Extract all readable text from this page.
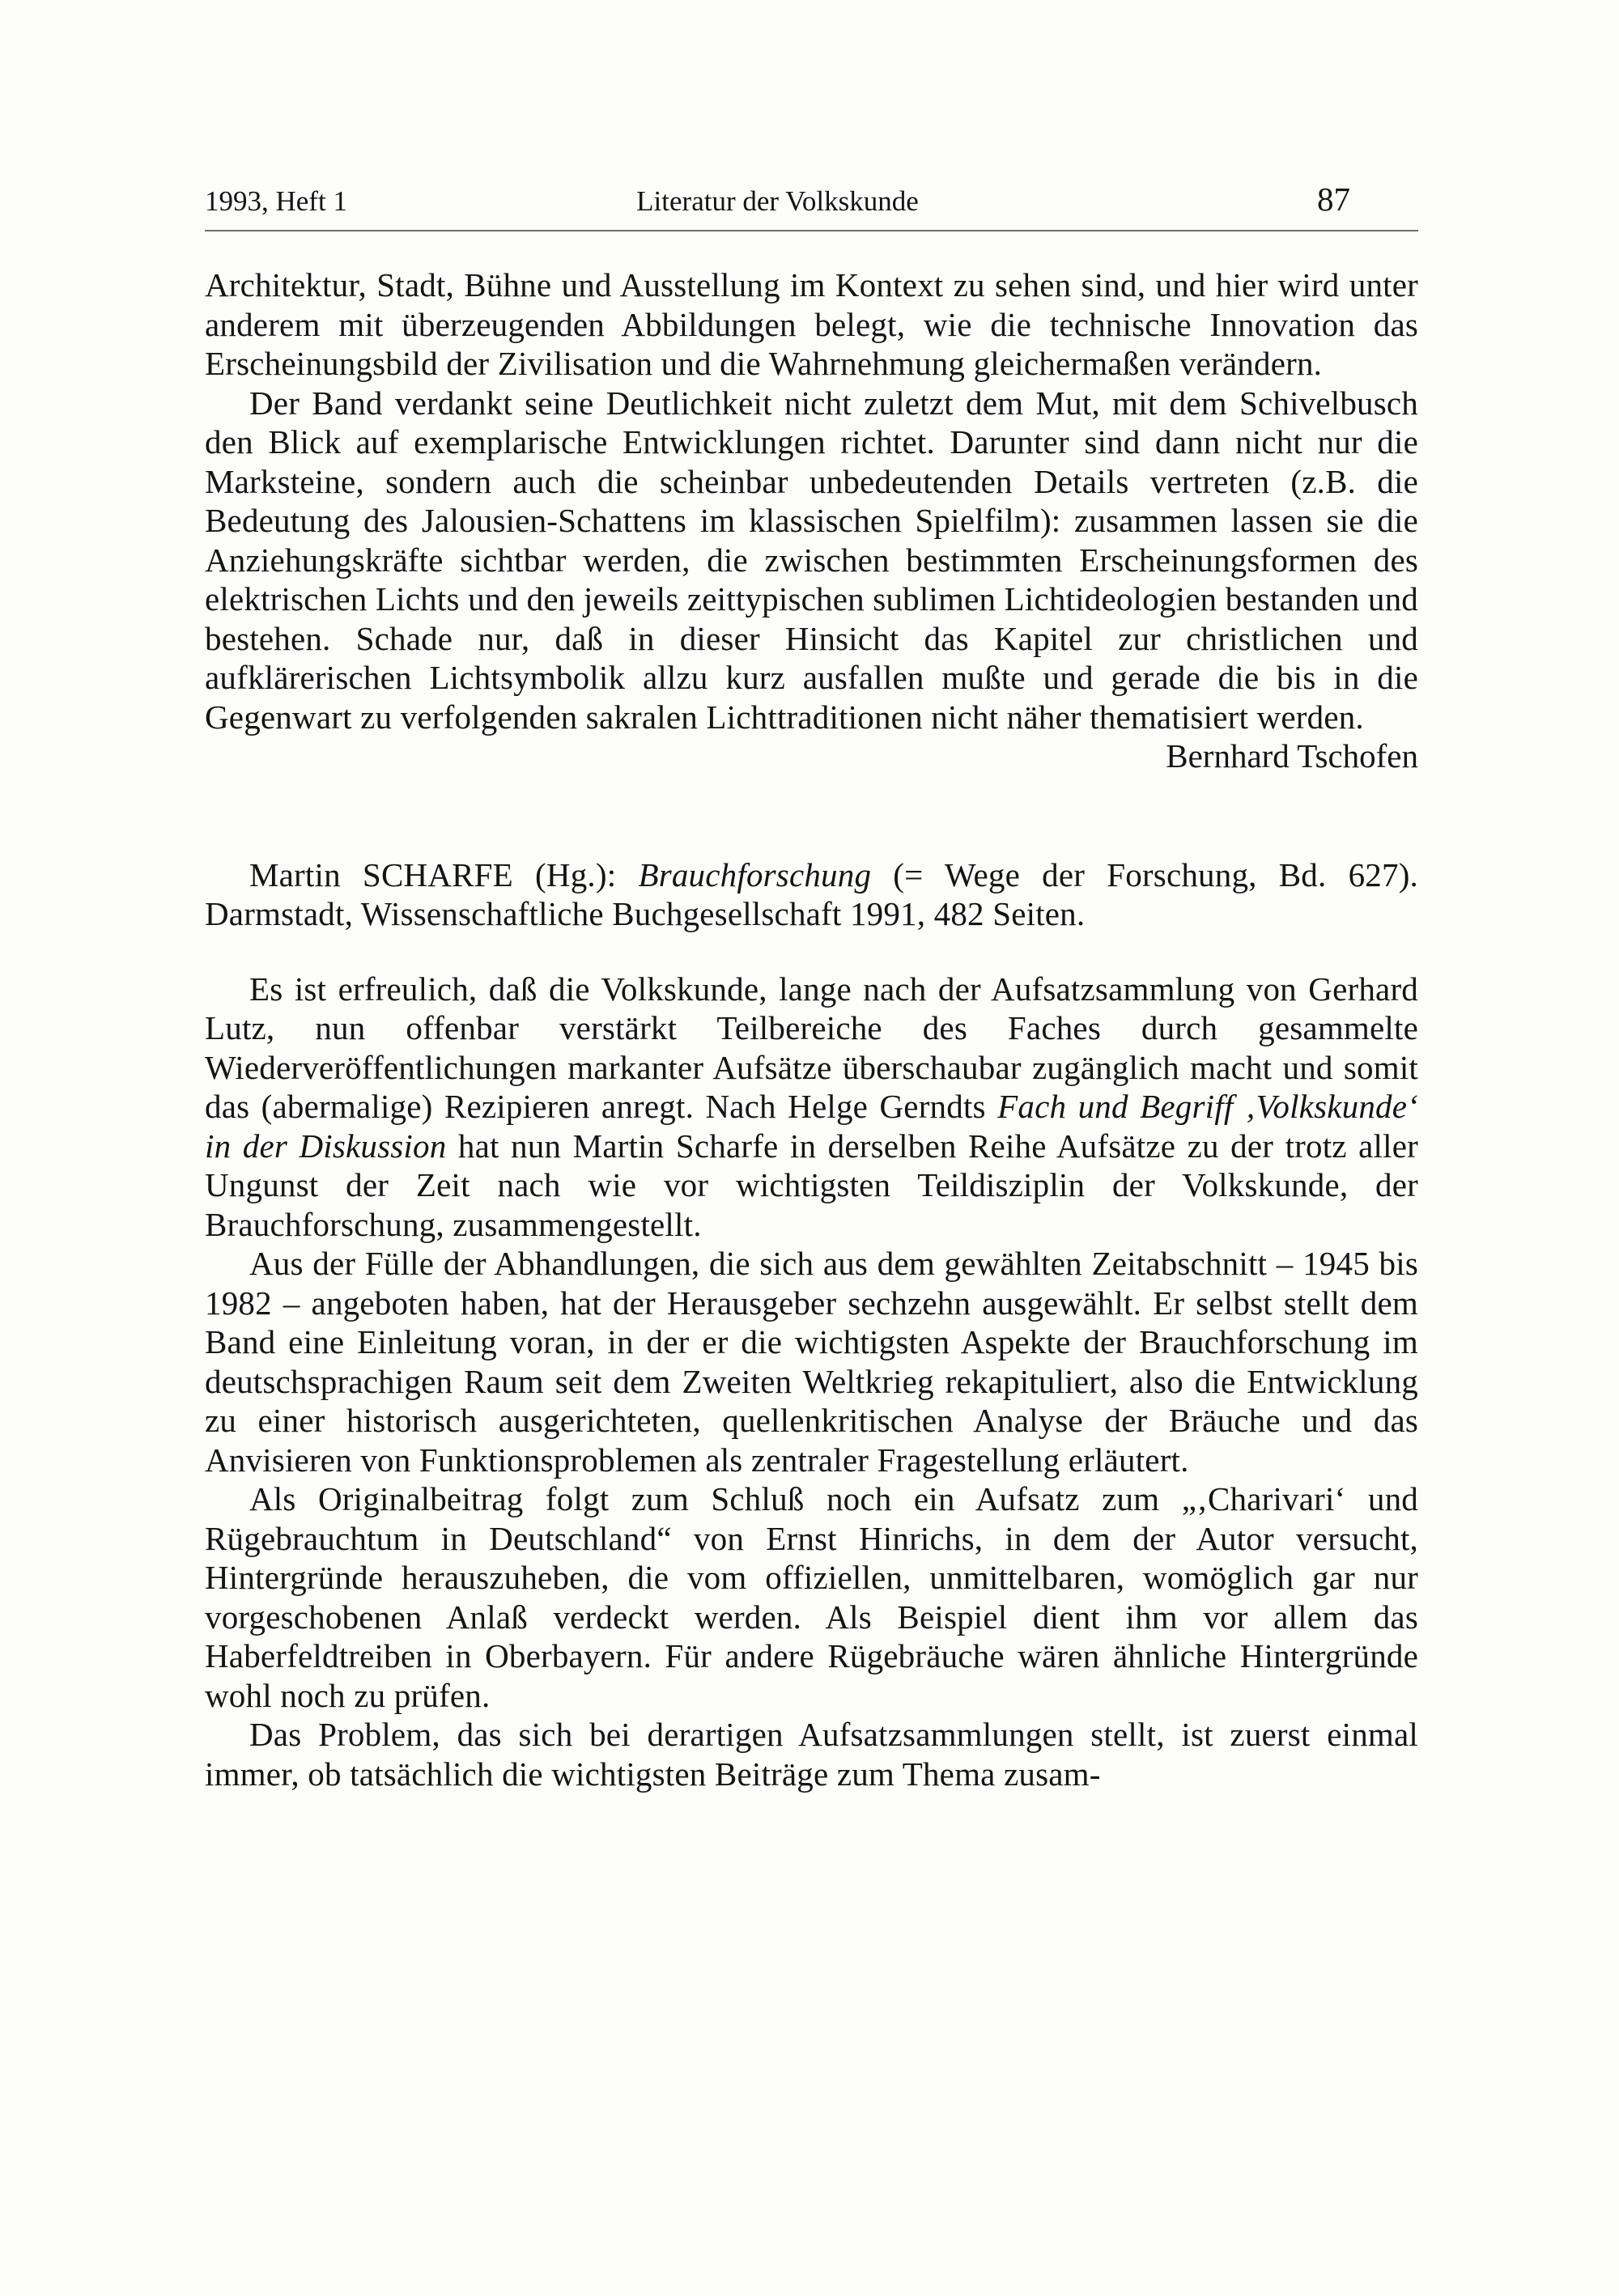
1993, Heft 1	Literatur der Volkskunde	87

Architektur, Stadt, Bühne und Ausstellung im Kontext zu sehen sind, und hier wird unter anderem mit überzeugenden Abbildungen belegt, wie die technische Innovation das Erscheinungsbild der Zivilisation und die Wahrnehmung gleichermaßen verändern.

Der Band verdankt seine Deutlichkeit nicht zuletzt dem Mut, mit dem Schivelbusch den Blick auf exemplarische Entwicklungen richtet. Darunter sind dann nicht nur die Marksteine, sondern auch die scheinbar unbedeutenden Details vertreten (z.B. die Bedeutung des Jalousien-Schattens im klassischen Spielfilm): zusammen lassen sie die Anziehungskräfte sichtbar werden, die zwischen bestimmten Erscheinungsformen des elektrischen Lichts und den jeweils zeittypischen sublimen Lichtideologien bestanden und bestehen. Schade nur, daß in dieser Hinsicht das Kapitel zur christlichen und aufklärerischen Lichtsymbolik allzu kurz ausfallen mußte und gerade die bis in die Gegenwart zu verfolgenden sakralen Lichttraditionen nicht näher thematisiert werden.

Bernhard Tschofen

Martin SCHARFE (Hg.): Brauchforschung (= Wege der Forschung, Bd. 627). Darmstadt, Wissenschaftliche Buchgesellschaft 1991, 482 Seiten.

Es ist erfreulich, daß die Volkskunde, lange nach der Aufsatzsammlung von Gerhard Lutz, nun offenbar verstärkt Teilbereiche des Faches durch gesammelte Wiederveröffentlichungen markanter Aufsätze überschaubar zugänglich macht und somit das (abermalige) Rezipieren anregt. Nach Helge Gerndts Fach und Begriff ‚Volkskunde‘ in der Diskussion hat nun Martin Scharfe in derselben Reihe Aufsätze zu der trotz aller Ungunst der Zeit nach wie vor wichtigsten Teildisziplin der Volkskunde, der Brauchforschung, zusammengestellt.

Aus der Fülle der Abhandlungen, die sich aus dem gewählten Zeitabschnitt – 1945 bis 1982 – angeboten haben, hat der Herausgeber sechzehn ausgewählt. Er selbst stellt dem Band eine Einleitung voran, in der er die wichtigsten Aspekte der Brauchforschung im deutschsprachigen Raum seit dem Zweiten Weltkrieg rekapituliert, also die Entwicklung zu einer historisch ausgerichteten, quellenkritischen Analyse der Bräuche und das Anvisieren von Funktionsproblemen als zentraler Fragestellung erläutert.

Als Originalbeitrag folgt zum Schluß noch ein Aufsatz zum „‚Charivari‘ und Rügebrauchtum in Deutschland“ von Ernst Hinrichs, in dem der Autor versucht, Hintergründe herauszuheben, die vom offiziellen, unmittelbaren, womöglich gar nur vorgeschobenen Anlaß verdeckt werden. Als Beispiel dient ihm vor allem das Haberfeldtreiben in Oberbayern. Für andere Rügebräuche wären ähnliche Hintergründe wohl noch zu prüfen.

Das Problem, das sich bei derartigen Aufsatzsammlungen stellt, ist zuerst einmal immer, ob tatsächlich die wichtigsten Beiträge zum Thema zusam-
